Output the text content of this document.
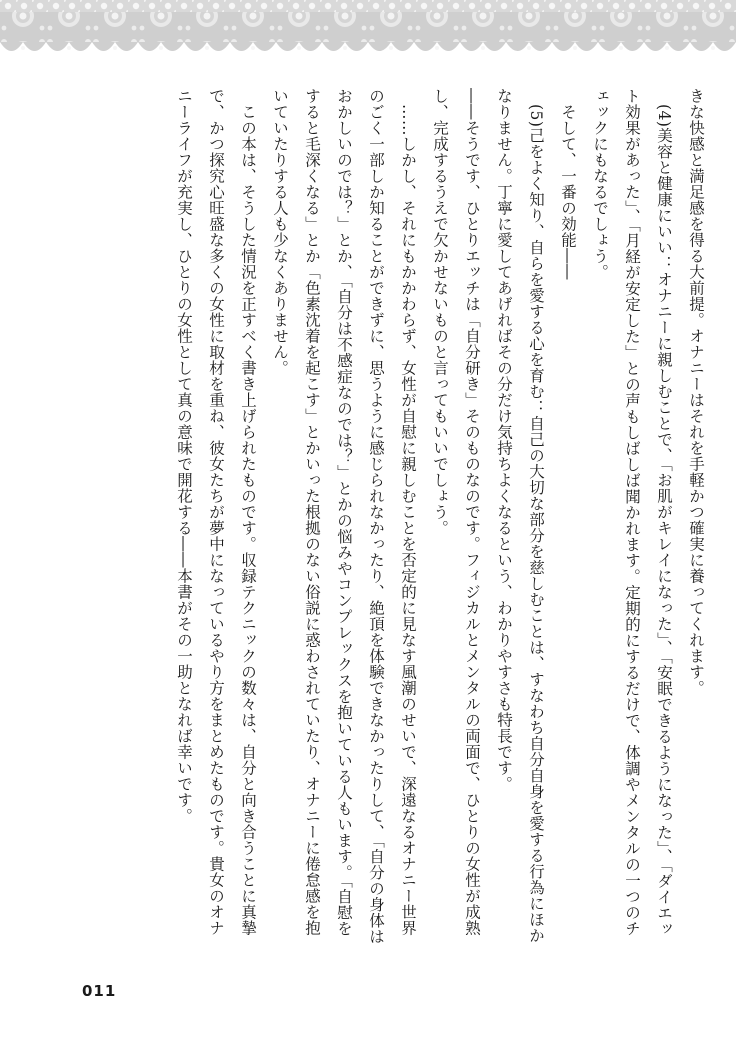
きな快感と満足感を得る大前提。オナニーはそれを手軽かつ確実に養ってくれます。

(4)美容と健康にいい：オナニーに親しむことで、「お肌がキレイになった」、「安眠できるようになった」、「ダイエット効果があった」、「月経が安定した」との声もしばしば聞かれます。定期的にするだけで、体調やメンタルの一つのチェックにもなるでしょう。

そして、一番の効能――

(5)己をよく知り、自らを愛する心を育む：自己の大切な部分を慈しむことは、すなわち自分自身を愛する行為にほかなりません。丁寧に愛してあげればその分だけ気持ちよくなるという、わかりやすさも特長です。

――そうです、ひとりエッチは「自分研き」そのものなのです。フィジカルとメンタルの両面で、ひとりの女性が成熟し、完成するうえで欠かせないものと言ってもいいでしょう。

……しかし、それにもかかわらず、女性が自慰に親しむことを否定的に見なす風潮のせいで、深遠なるオナニー世界のごく一部しか知ることができずに、思うように感じられなかったり、絶頂を体験できなかったりして、「自分の身体はおかしいのでは？」とか、「自分は不感症なのでは？」とかの悩みやコンプレックスを抱いている人もいます。「自慰をすると毛深くなる」とか「色素沈着を起こす」とかいった根拠のない俗説に惑わされていたり、オナニーに倦怠感を抱いていたりする人も少なくありません。

この本は、そうした情況を正すべく書き上げられたものです。収録テクニックの数々は、自分と向き合うことに真摯で、かつ探究心旺盛な多くの女性に取材を重ね、彼女たちが夢中になっているやり方をまとめたものです。貴女のオナニーライフが充実し、ひとりの女性として真の意味で開花する――本書がその一助となれば幸いです。

011
